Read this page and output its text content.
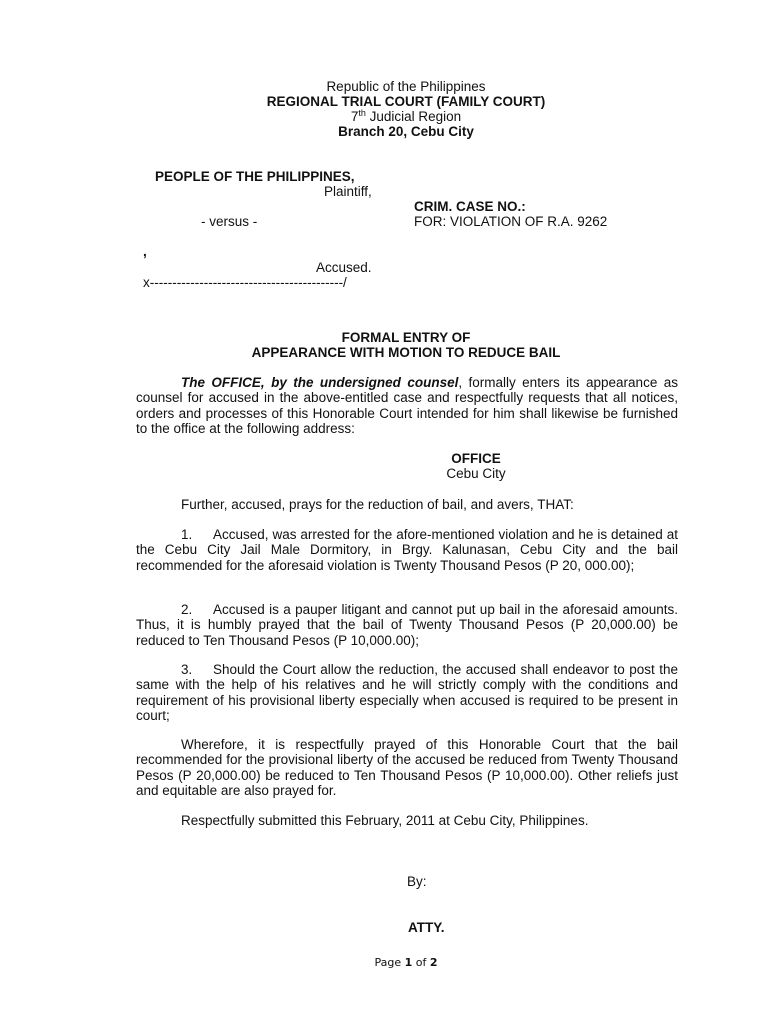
Republic of the Philippines
REGIONAL TRIAL COURT (FAMILY COURT)
7th Judicial Region
Branch 20, Cebu City
PEOPLE OF THE PHILIPPINES,
Plaintiff,
CRIM. CASE NO.:
- versus -	FOR: VIOLATION OF R.A. 9262
,
Accused.
x-------------------------------------------/
FORMAL ENTRY OF
APPEARANCE WITH MOTION TO REDUCE BAIL
The OFFICE, by the undersigned counsel, formally enters its appearance as counsel for accused in the above-entitled case and respectfully requests that all notices, orders and processes of this Honorable Court intended for him shall likewise be furnished to the office at the following address:
OFFICE
Cebu City
Further, accused, prays for the reduction of bail, and avers, THAT:
1. Accused, was arrested for the afore-mentioned violation and he is detained at the Cebu City Jail Male Dormitory, in Brgy. Kalunasan, Cebu City and the bail recommended for the aforesaid violation is Twenty Thousand Pesos (P 20, 000.00);
2. Accused is a pauper litigant and cannot put up bail in the aforesaid amounts. Thus, it is humbly prayed that the bail of Twenty Thousand Pesos (P 20,000.00) be reduced to Ten Thousand Pesos (P 10,000.00);
3. Should the Court allow the reduction, the accused shall endeavor to post the same with the help of his relatives and he will strictly comply with the conditions and requirement of his provisional liberty especially when accused is required to be present in court;
Wherefore, it is respectfully prayed of this Honorable Court that the bail recommended for the provisional liberty of the accused be reduced from Twenty Thousand Pesos (P 20,000.00) be reduced to Ten Thousand Pesos (P 10,000.00). Other reliefs just and equitable are also prayed for.
Respectfully submitted this February, 2011 at Cebu City, Philippines.
By:
ATTY.
Page 1 of 2
